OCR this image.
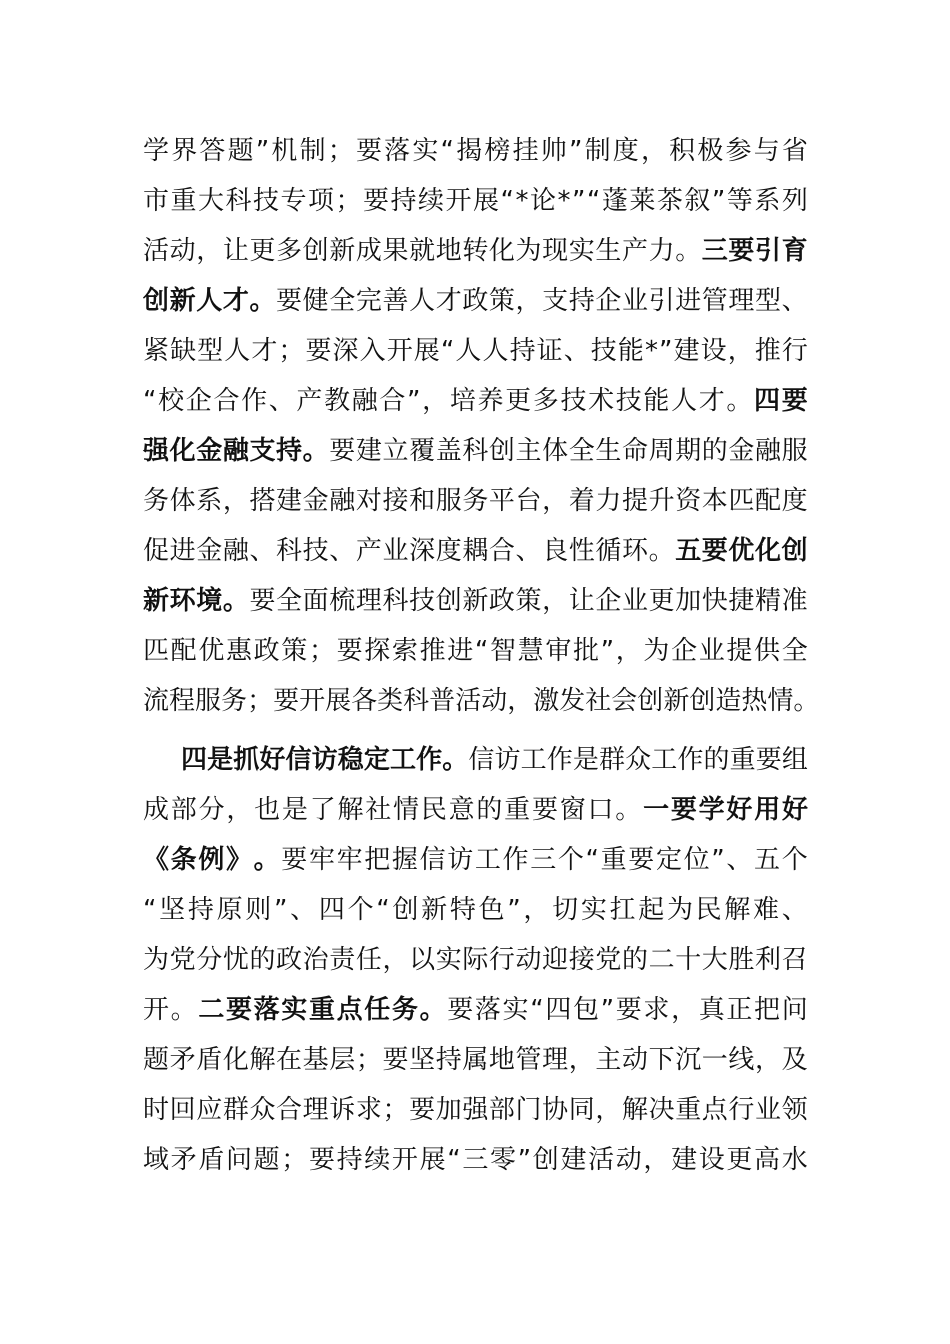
学 界 答 题 ” 机 制 ； 要 落 实 “ 揭 榜 挂 帅 ” 制 度 ， 积 极 参 与 省
市 重 大 科 技 专 项 ； 要 持 续 开 展 “ * 论 * ” “ 蓬 莱 茶 叙 ” 等 系 列
活 动 ， 让 更 多 创 新 成 果 就 地 转 化 为 现 实 生 产 力 。 三 要 引 育
创 新 人 才 。 要 健 全 完 善 人 才 政 策 ， 支 持 企 业 引 进 管 理 型 、
紧 缺 型 人 才 ； 要 深 入 开 展 “ 人 人 持 证 、 技 能 * ” 建 设 ， 推 行
“ 校 企 合 作 、 产 教 融 合 ” ， 培 养 更 多 技 术 技 能 人 才 。 四 要
强 化 金 融 支 持 。 要 建 立 覆 盖 科 创 主 体 全 生 命 周 期 的 金 融 服
务 体 系 ， 搭 建 金 融 对 接 和 服 务 平 台 ， 着 力 提 升 资 本 匹 配 度
促 进 金 融 、 科 技 、 产 业 深 度 耦 合 、 良 性 循 环 。 五 要 优 化 创
新 环 境 。 要 全 面 梳 理 科 技 创 新 政 策 ， 让 企 业 更 加 快 捷 精 准
匹 配 优 惠 政 策 ； 要 探 索 推 进 “ 智 慧 审 批 ” ， 为 企 业 提 供 全
流 程 服 务 ； 要 开 展 各 类 科 普 活 动 ， 激 发 社 会 创 新 创 造 热 情 。
四 是 抓 好 信 访 稳 定 工 作 。 信 访 工 作 是 群 众 工 作 的 重 要 组
成 部 分 ， 也 是 了 解 社 情 民 意 的 重 要 窗 口 。 一 要 学 好 用 好
《 条 例 》 。 要 牢 牢 把 握 信 访 工 作 三 个 “ 重 要 定 位 ” 、 五 个
“ 坚 持 原 则 ” 、 四 个 “ 创 新 特 色 ” ， 切 实 扛 起 为 民 解 难 、
为 党 分 忧 的 政 治 责 任 ， 以 实 际 行 动 迎 接 党 的 二 十 大 胜 利 召
开 。 二 要 落 实 重 点 任 务 。 要 落 实 “ 四 包 ” 要 求 ， 真 正 把 问
题 矛 盾 化 解 在 基 层 ； 要 坚 持 属 地 管 理 ， 主 动 下 沉 一 线 ， 及
时 回 应 群 众 合 理 诉 求 ； 要 加 强 部 门 协 同 ， 解 决 重 点 行 业 领
域 矛 盾 问 题 ； 要 持 续 开 展 “ 三 零 ” 创 建 活 动 ， 建 设 更 高 水
